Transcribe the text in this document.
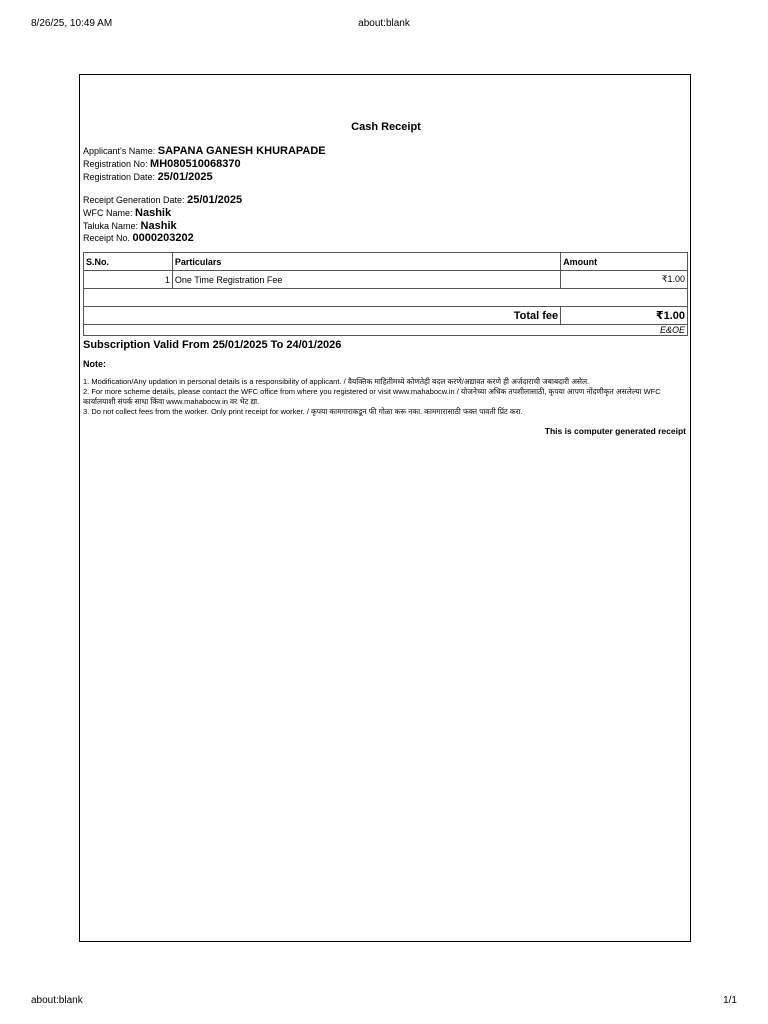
8/26/25, 10:49 AM	about:blank
Cash Receipt
Applicant's Name: SAPANA GANESH KHURAPADE
Registration No: MH080510068370
Registration Date: 25/01/2025
Receipt Generation Date: 25/01/2025
WFC Name: Nashik
Taluka Name: Nashik
Receipt No. 0000203202
S.No.	Particulars	Amount
1	One Time Registration Fee	₹1.00

Total fee		₹1.00
E&OE		
Subscription Valid From 25/01/2025 To 24/01/2026
Note:
1. Modification/Any updation in personal details is a responsibility of applicant. / वैयक्तिक माहितीमध्ये कोणतेही बदल करणे/अद्यावत करणे ही अर्जदाराची जबाबदारी असेल.
2. For more scheme details, please contact the WFC office from where you registered or visit www.mahabocw.in / योजनेच्या अधिक तपशीलासाठी, कृपया आपण नोंदणीकृत असलेल्या WFC कार्यालयाशी संपर्क साधा किंवा www.mahabocw.in वर भेट द्या.
3. Do not collect fees from the worker. Only print receipt for worker. / कृपया कामगाराकडून फी गोळा करू नका. कामगारासाठी फक्त पावती प्रिंट करा.
This is computer generated receipt
about:blank	1/1
